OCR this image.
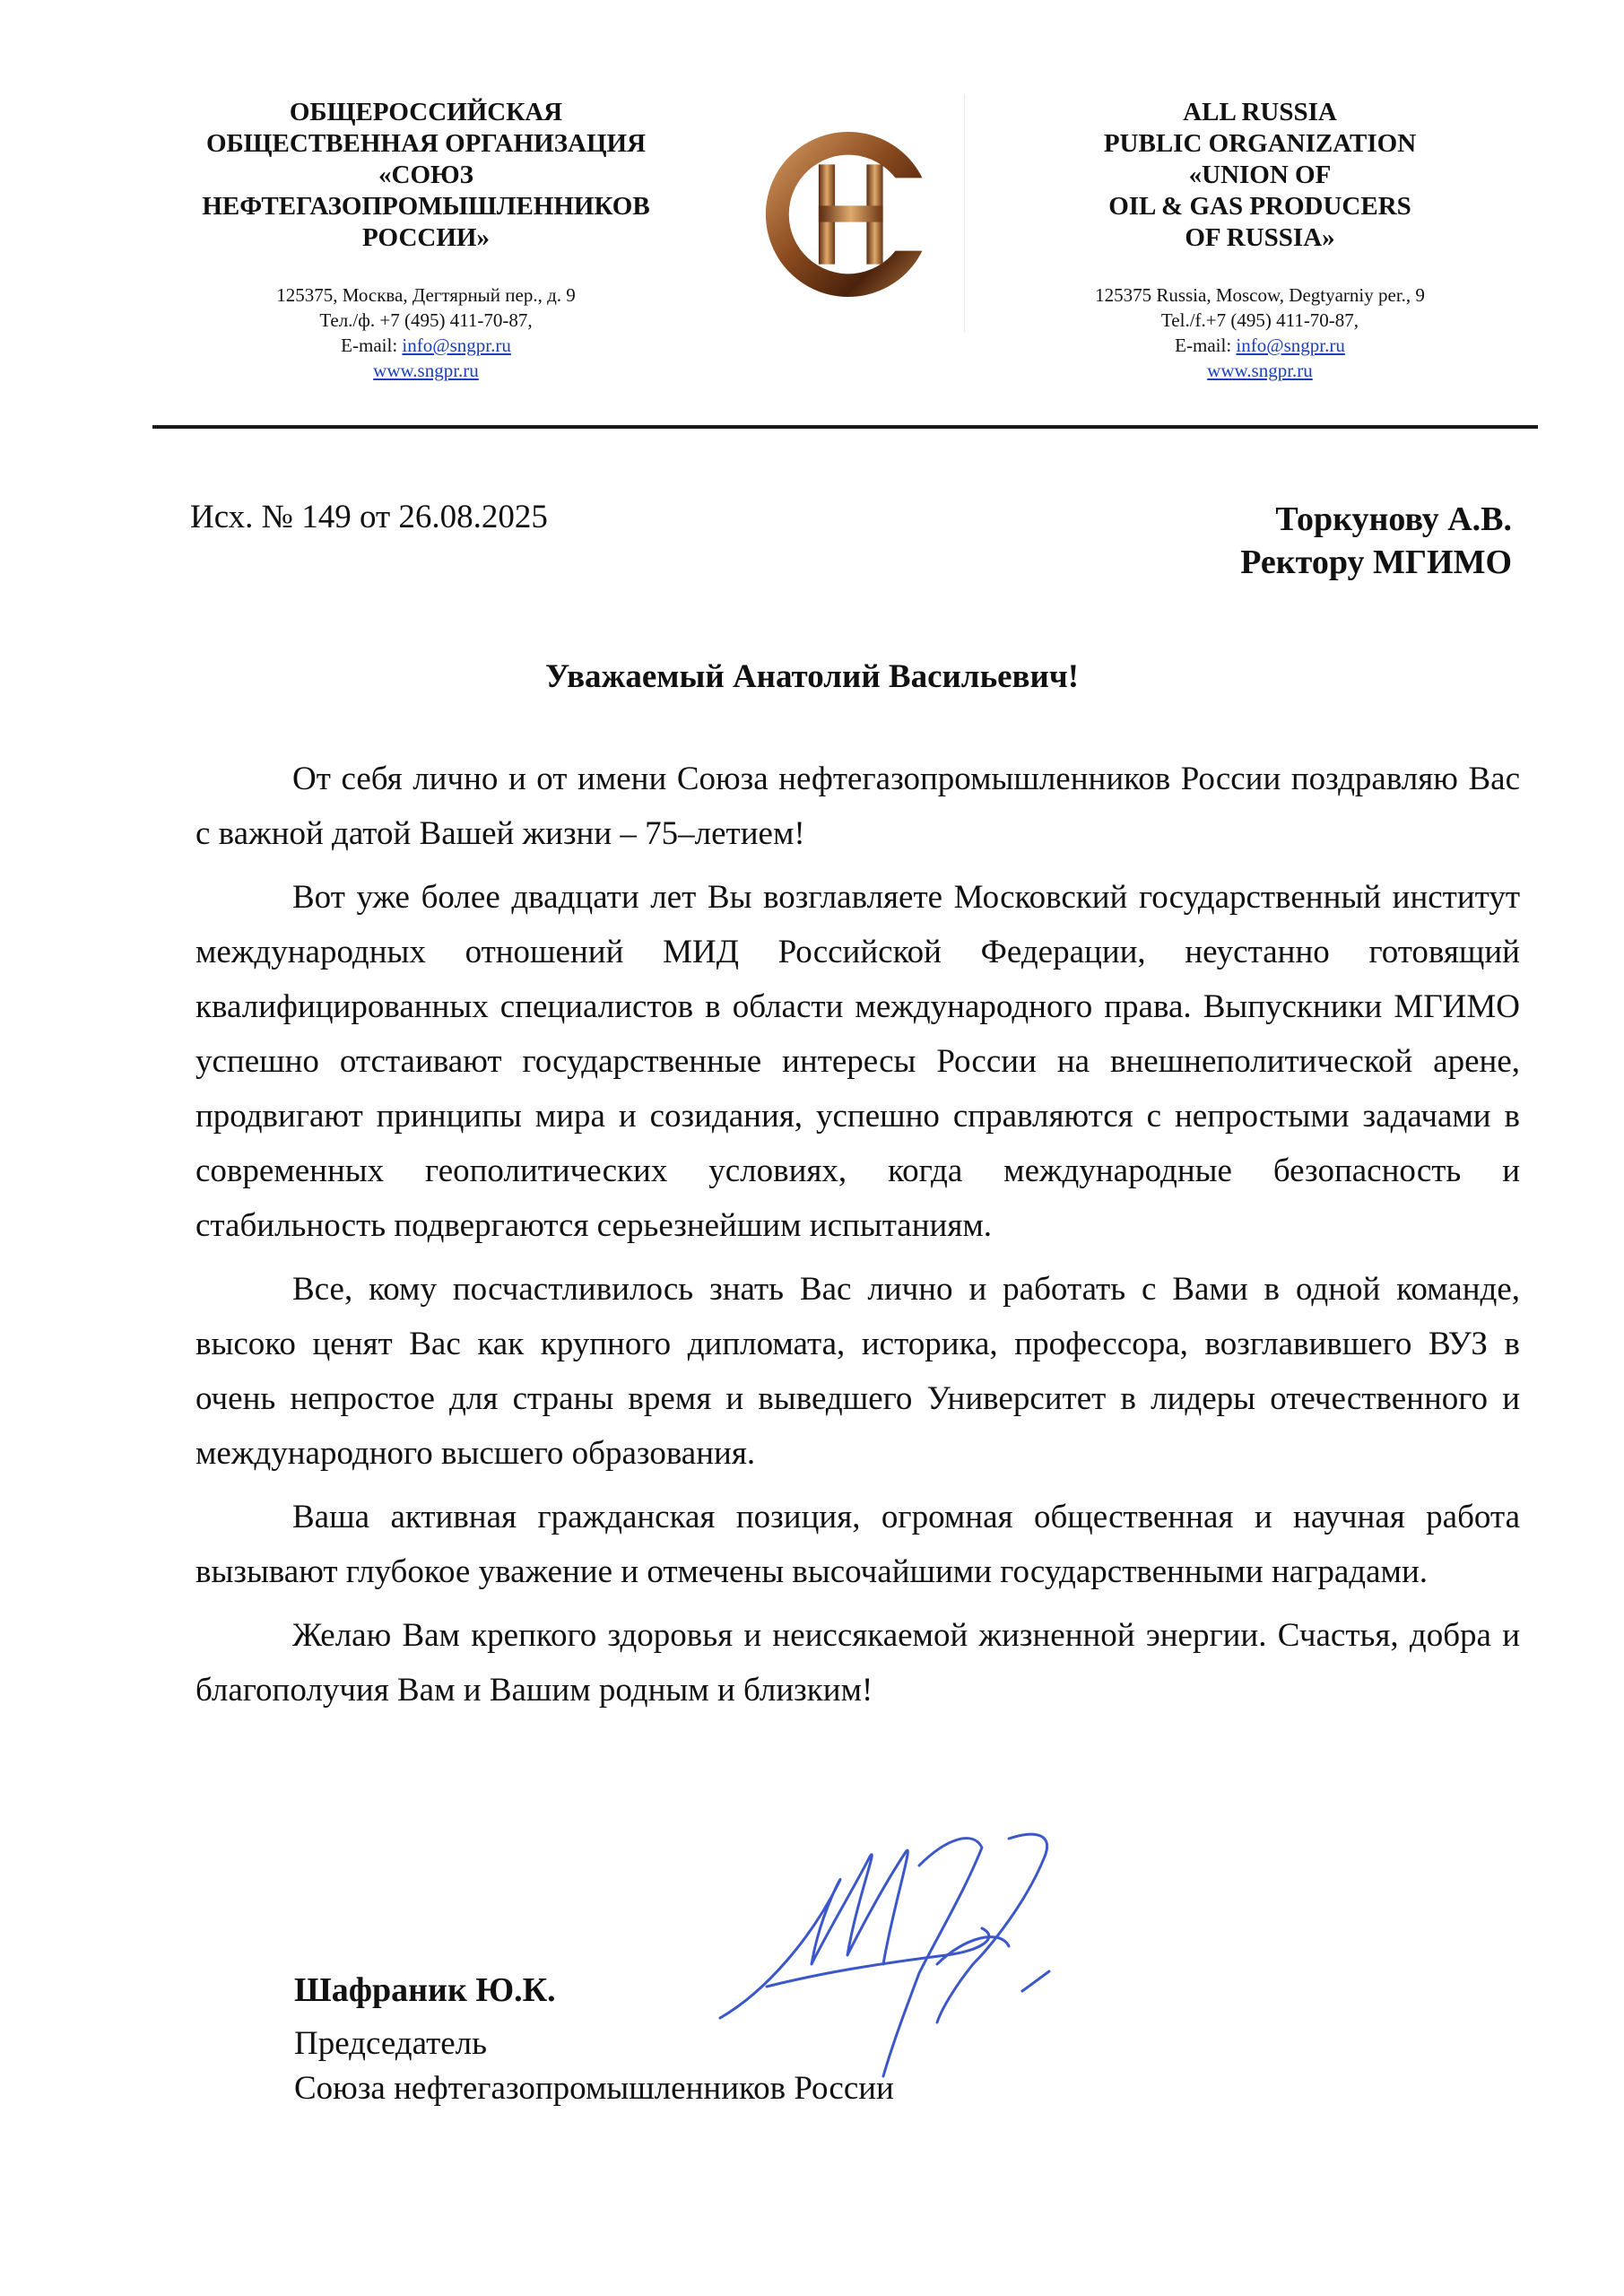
ОБЩЕРОССИЙСКАЯ
ОБЩЕСТВЕННАЯ ОРГАНИЗАЦИЯ
«СОЮЗ
НЕФТЕГАЗОПРОМЫШЛЕННИКОВ
РОССИИ»
125375, Москва, Дегтярный пер., д. 9
Тел./ф. +7 (495) 411-70-87,
E-mail: info@sngpr.ru
www.sngpr.ru
ALL RUSSIA
PUBLIC ORGANIZATION
«UNION OF
OIL & GAS PRODUCERS
OF RUSSIA»
125375 Russia, Moscow, Degtyarniy per., 9
Tel./f.+7 (495) 411-70-87,
E-mail: info@sngpr.ru
www.sngpr.ru
Исх. № 149 от 26.08.2025	Торкунову А.В.
Ректору МГИМО
Уважаемый Анатолий Васильевич!

От себя лично и от имени Союза нефтегазопромышленников России поздравляю Вас с важной датой Вашей жизни – 75–летием!

Вот уже более двадцати лет Вы возглавляете Московский государственный институт международных отношений МИД Российской Федерации, неустанно готовящий квалифицированных специалистов в области международного права. Выпускники МГИМО успешно отстаивают государственные интересы России на внешнеполитической арене, продвигают принципы мира и созидания, успешно справляются с непростыми задачами в современных геополитических условиях, когда международные безопасность и стабильность подвергаются серьезнейшим испытаниям.

Все, кому посчастливилось знать Вас лично и работать с Вами в одной команде, высоко ценят Вас как крупного дипломата, историка, профессора, возглавившего ВУЗ в очень непростое для страны время и выведшего Университет в лидеры отечественного и международного высшего образования.

Ваша активная гражданская позиция, огромная общественная и научная работа вызывают глубокое уважение и отмечены высочайшими государственными наградами.

Желаю Вам крепкого здоровья и неиссякаемой жизненной энергии. Счастья, добра и благополучия Вам и Вашим родным и близким!

Шафраник Ю.К.
Председатель
Союза нефтегазопромышленников России
